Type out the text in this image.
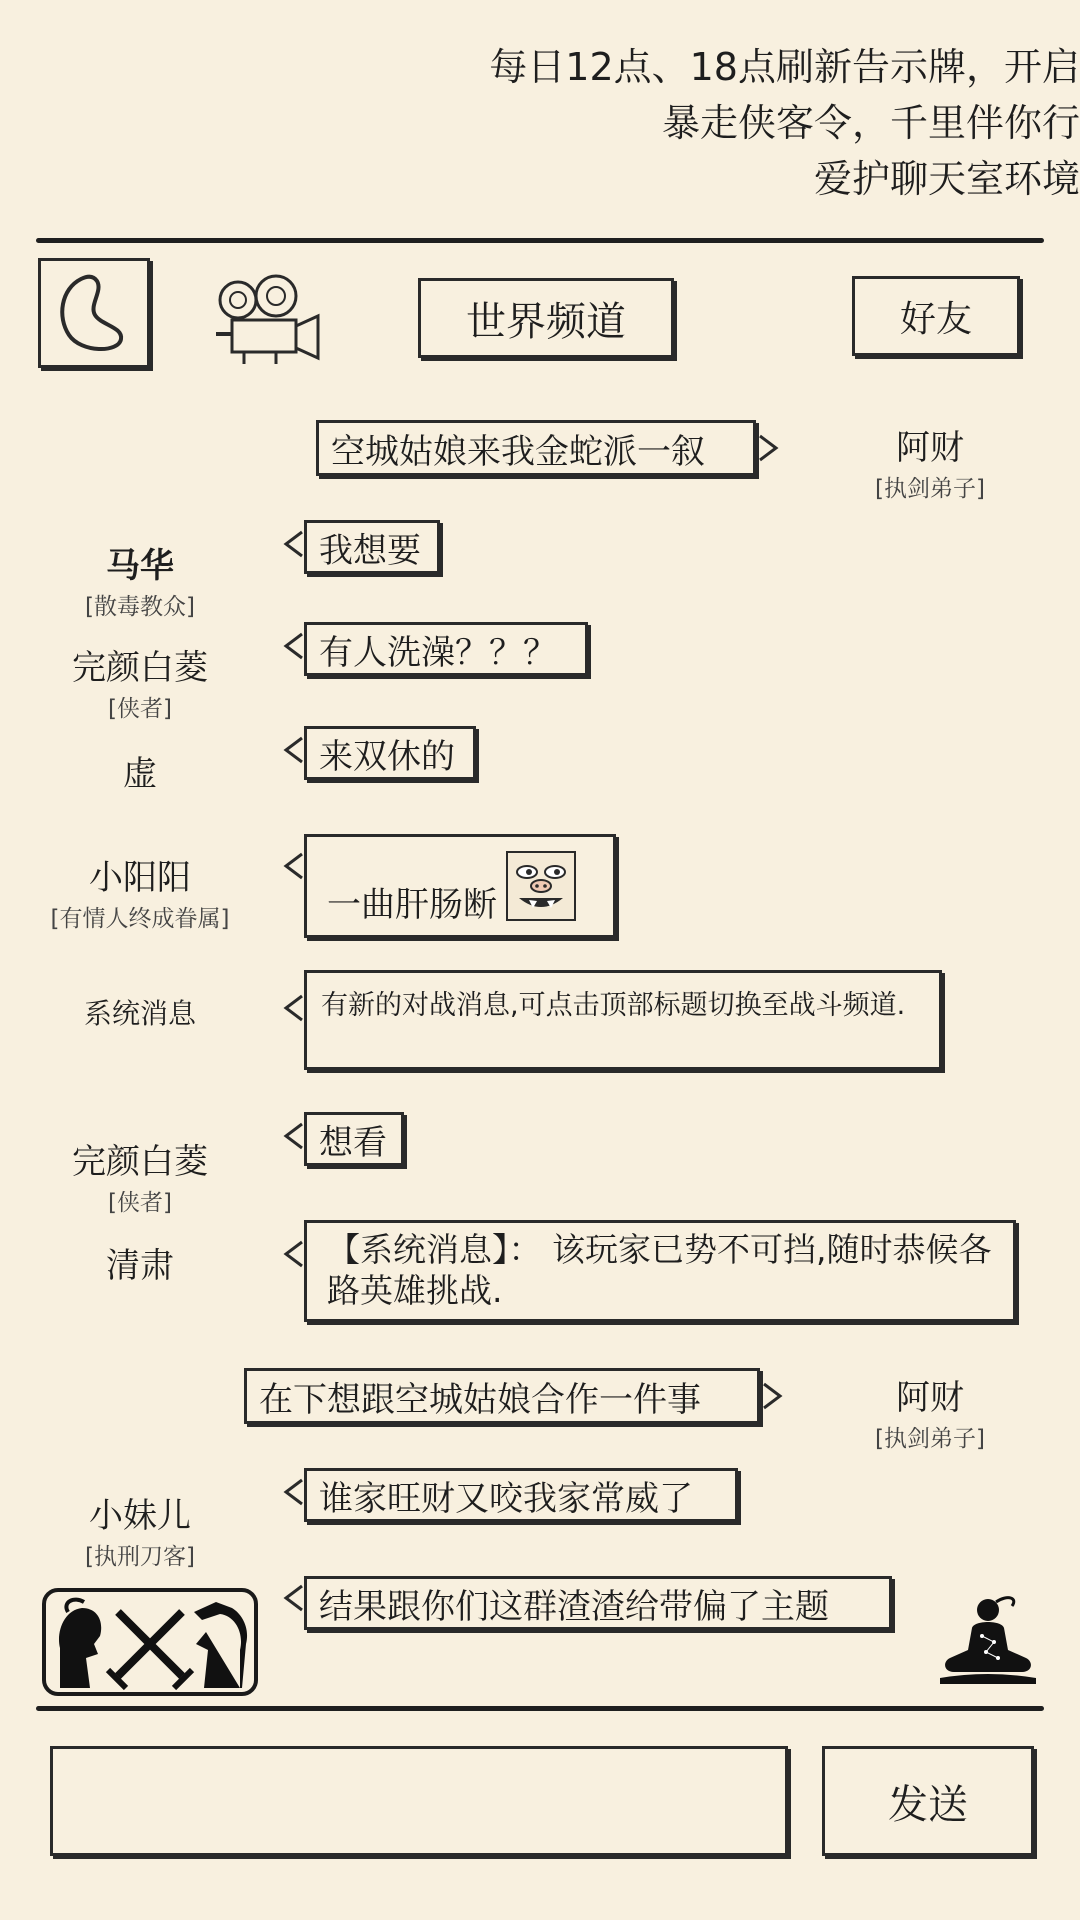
每日12点、18点刷新告示牌，开启
暴走侠客令，千里伴你行
爱护聊天室环境
世界频道	好友
空城姑娘来我金蛇派一叙	阿财
[执剑弟子]
马华
[散毒教众]
我想要
完颜白菱
[侠者]
有人洗澡？？？
虚	来双休的
小阳阳
[有情人终成眷属]	一曲肝肠断
系统消息	有新的对战消息,可点击顶部标题切换至战斗频道.
完颜白菱
[侠者]
想看
清肃	【系统消息】： 该玩家已势不可挡,随时恭候各路英雄挑战.
在下想跟空城姑娘合作一件事	阿财
[执剑弟子]
小妹儿
[执刑刀客]
谁家旺财又咬我家常威了
结果跟你们这群渣渣给带偏了主题
发送
